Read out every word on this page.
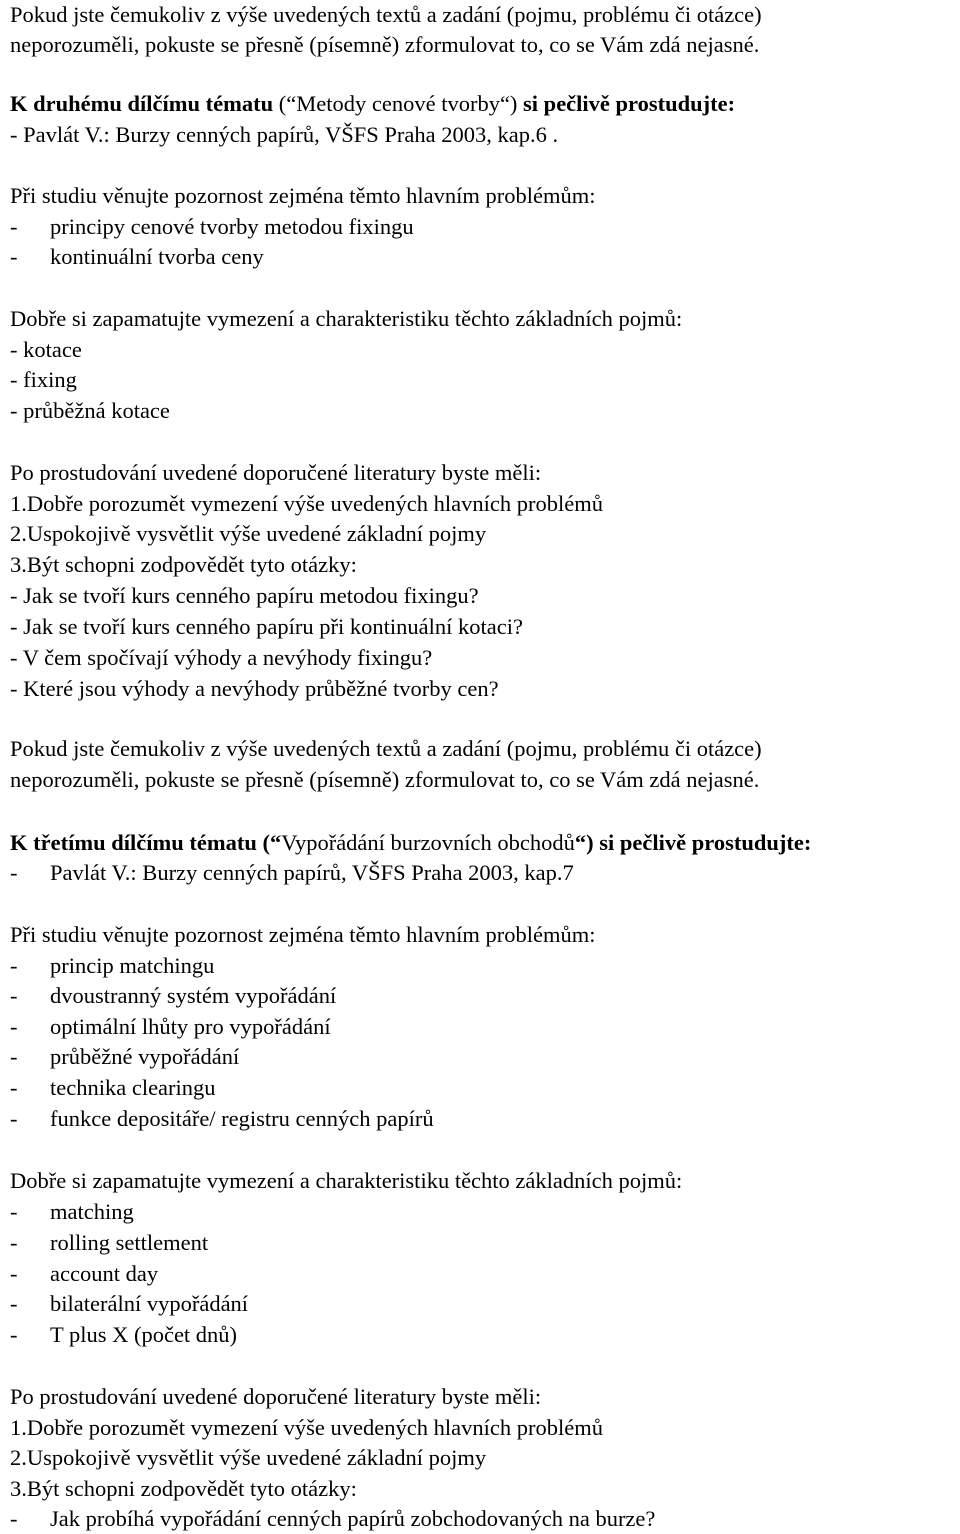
Pokud jste čemukoliv z výše uvedených textů a zadání (pojmu, problému či otázce)
neporozuměli, pokuste se přesně (písemně) zformulovat to, co se Vám zdá nejasné.
K druhému dílčímu tématu (“Metody cenové tvorby“) si pečlivě prostudujte:
- Pavlát V.: Burzy cenných papírů, VŠFS Praha 2003, kap.6 .
Při studiu věnujte pozornost zejména těmto hlavním problémům:
- principy cenové tvorby metodou fixingu
- kontinuální tvorba ceny
Dobře si zapamatujte vymezení a charakteristiku těchto základních pojmů:
- kotace
- fixing
- průběžná kotace
Po prostudování uvedené doporučené literatury byste měli:
1.Dobře porozumět vymezení výše uvedených hlavních problémů
2.Uspokojivě vysvětlit výše uvedené základní pojmy
3.Být schopni zodpovědět tyto otázky:
- Jak se tvoří kurs cenného papíru metodou fixingu?
- Jak se tvoří kurs cenného papíru při kontinuální kotaci?
- V čem spočívají výhody a nevýhody fixingu?
- Které jsou výhody a nevýhody průběžné tvorby cen?
Pokud jste čemukoliv z výše uvedených textů a zadání (pojmu, problému či otázce)
neporozuměli, pokuste se přesně (písemně) zformulovat to, co se Vám zdá nejasné.
K třetímu dílčímu tématu (“Vypořádání burzovních obchodů“) si pečlivě prostudujte:
- Pavlát V.: Burzy cenných papírů, VŠFS Praha 2003, kap.7
Při studiu věnujte pozornost zejména těmto hlavním problémům:
- princip matchingu
- dvoustranný systém vypořádání
- optimální lhůty pro vypořádání
- průběžné vypořádání
- technika clearingu
- funkce depositáře/ registru cenných papírů
Dobře si zapamatujte vymezení a charakteristiku těchto základních pojmů:
- matching
- rolling settlement
- account day
- bilaterální vypořádání
- T plus X (počet dnů)
Po prostudování uvedené doporučené literatury byste měli:
1.Dobře porozumět vymezení výše uvedených hlavních problémů
2.Uspokojivě vysvětlit výše uvedené základní pojmy
3.Být schopni zodpovědět tyto otázky:
- Jak probíhá vypořádání cenných papírů zobchodovaných na burze?
